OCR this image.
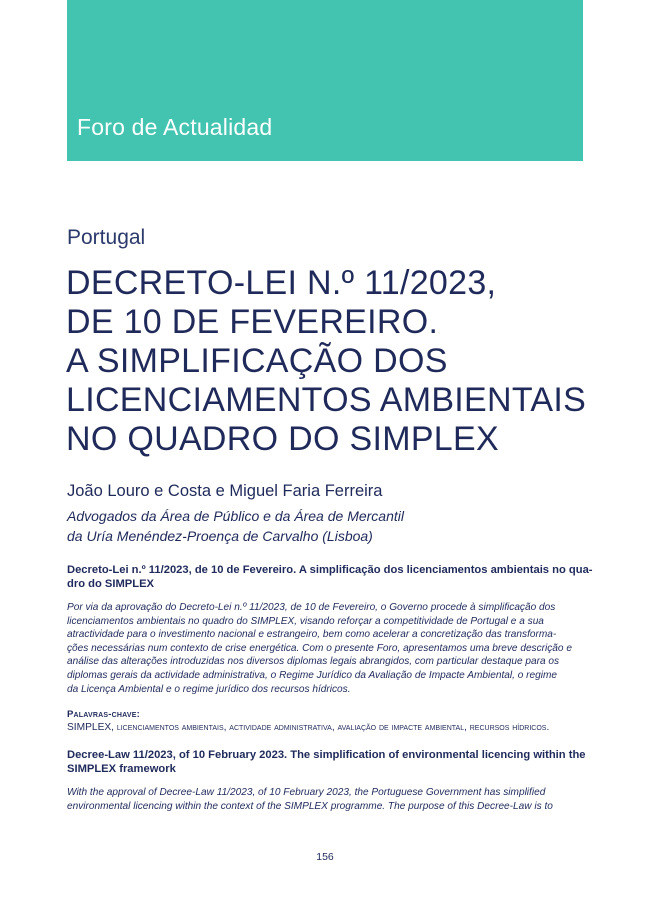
Foro de Actualidad
Portugal
DECRETO-LEI N.º 11/2023,
DE 10 DE FEVEREIRO.
A SIMPLIFICAÇÃO DOS
LICENCIAMENTOS AMBIENTAIS
NO QUADRO DO SIMPLEX
João Louro e Costa e Miguel Faria Ferreira
Advogados da Área de Público e da Área de Mercantil
da Uría Menéndez-Proença de Carvalho (Lisboa)
Decreto-Lei n.º 11/2023, de 10 de Fevereiro. A simplificação dos licenciamentos ambientais no qua-
dro do SIMPLEX
Por via da aprovação do Decreto-Lei n.º 11/2023, de 10 de Fevereiro, o Governo procede à simplificação dos
licenciamentos ambientais no quadro do SIMPLEX, visando reforçar a competitividade de Portugal e a sua
atractividade para o investimento nacional e estrangeiro, bem como acelerar a concretização das transforma-
ções necessárias num contexto de crise energética. Com o presente Foro, apresentamos uma breve descrição e
análise das alterações introduzidas nos diversos diplomas legais abrangidos, com particular destaque para os
diplomas gerais da actividade administrativa, o Regime Jurídico da Avaliação de Impacte Ambiental, o regime
da Licença Ambiental e o regime jurídico dos recursos hídricos.
Palavras-chave:
SIMPLEX, licenciamentos ambientais, actividade administrativa, avaliação de impacte ambiental, recursos hídricos.
Decree-Law 11/2023, of 10 February 2023. The simplification of environmental licencing within the
SIMPLEX framework
With the approval of Decree-Law 11/2023, of 10 February 2023, the Portuguese Government has simplified
environmental licencing within the context of the SIMPLEX programme. The purpose of this Decree-Law is to
156
